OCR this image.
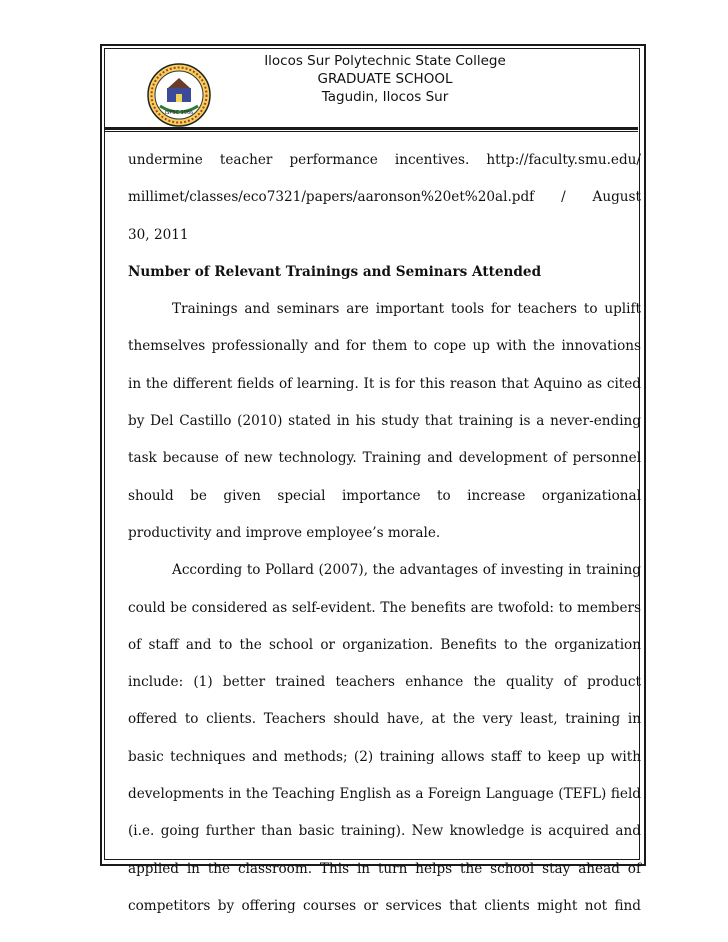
ISPSC 1966
Ilocos Sur Polytechnic State College
GRADUATE SCHOOL
Tagudin, Ilocos Sur
undermine teacher performance incentives. http://faculty.smu.edu/
millimet/classes/eco7321/papers/aaronson%20et%20al.pdf / August
30, 2011
Number of Relevant Trainings and Seminars Attended
Trainings and seminars are important tools for teachers to uplift
themselves professionally and for them to cope up with the innovations
in the different fields of learning. It is for this reason that Aquino as cited
by Del Castillo (2010) stated in his study that training is a never-ending
task because of new technology. Training and development of personnel
should be given special importance to increase organizational
productivity and improve employee’s morale.
According to Pollard (2007), the advantages of investing in training
could be considered as self-evident. The benefits are twofold: to members
of staff and to the school or organization. Benefits to the organization
include: (1) better trained teachers enhance the quality of product
offered to clients. Teachers should have, at the very least, training in
basic techniques and methods; (2) training allows staff to keep up with
developments in the Teaching English as a Foreign Language (TEFL) field
(i.e. going further than basic training). New knowledge is acquired and
applied in the classroom. This in turn helps the school stay ahead of
competitors by offering courses or services that clients might not find
